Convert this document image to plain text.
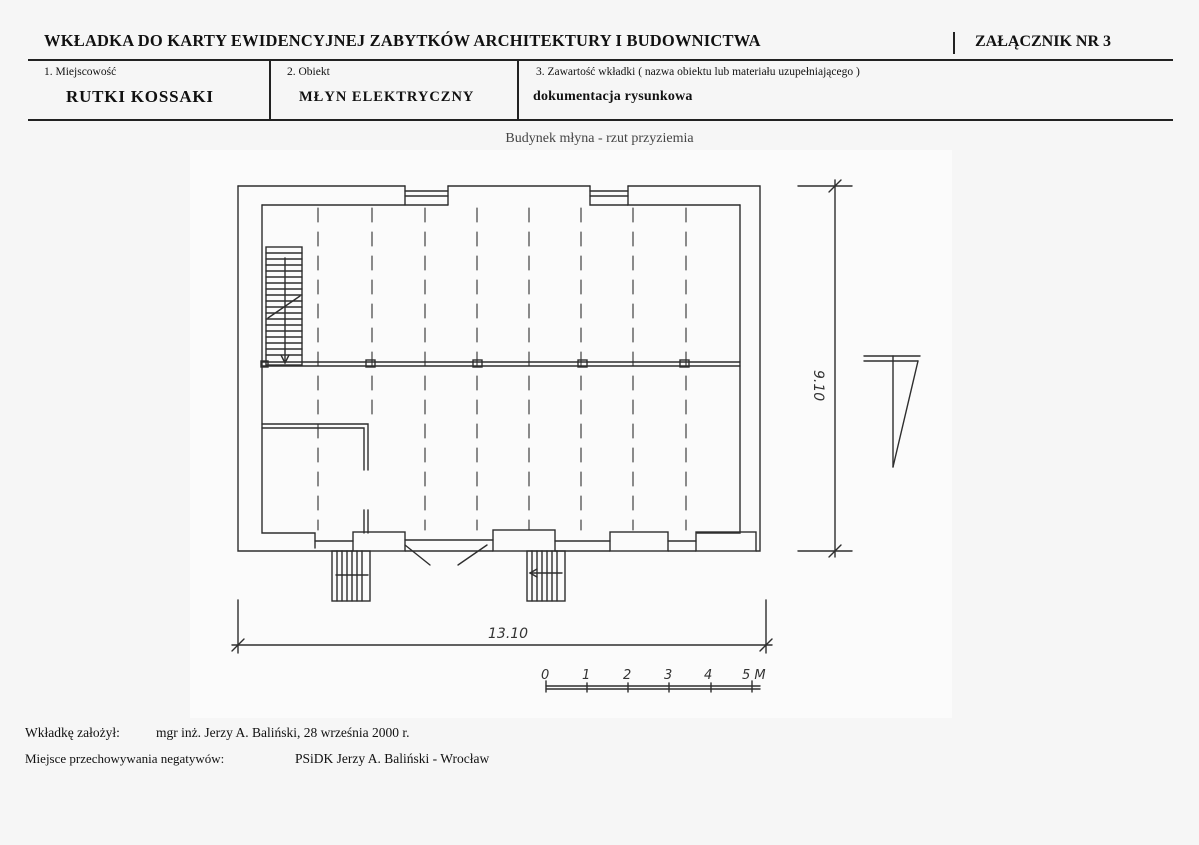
WKŁADKA DO KARTY EWIDENCYJNEJ ZABYTKÓW ARCHITEKTURY I BUDOWNICTWA	ZAŁĄCZNIK NR 3
1. Miejscowość
RUTKI KOSSAKI
2. Obiekt
MŁYN ELEKTRYCZNY
3. Zawartość wkładki ( nazwa obiektu lub materiału uzupełniającego )
dokumentacja rysunkowa
Budynek młyna - rzut przyziemia
13.10
9.10
0	1	2	3 4 5 M
Wkładkę założył:	mgr inż. Jerzy A. Baliński, 28 września 2000 r.
Miejsce przechowywania negatywów:	PSiDK Jerzy A. Baliński - Wrocław
